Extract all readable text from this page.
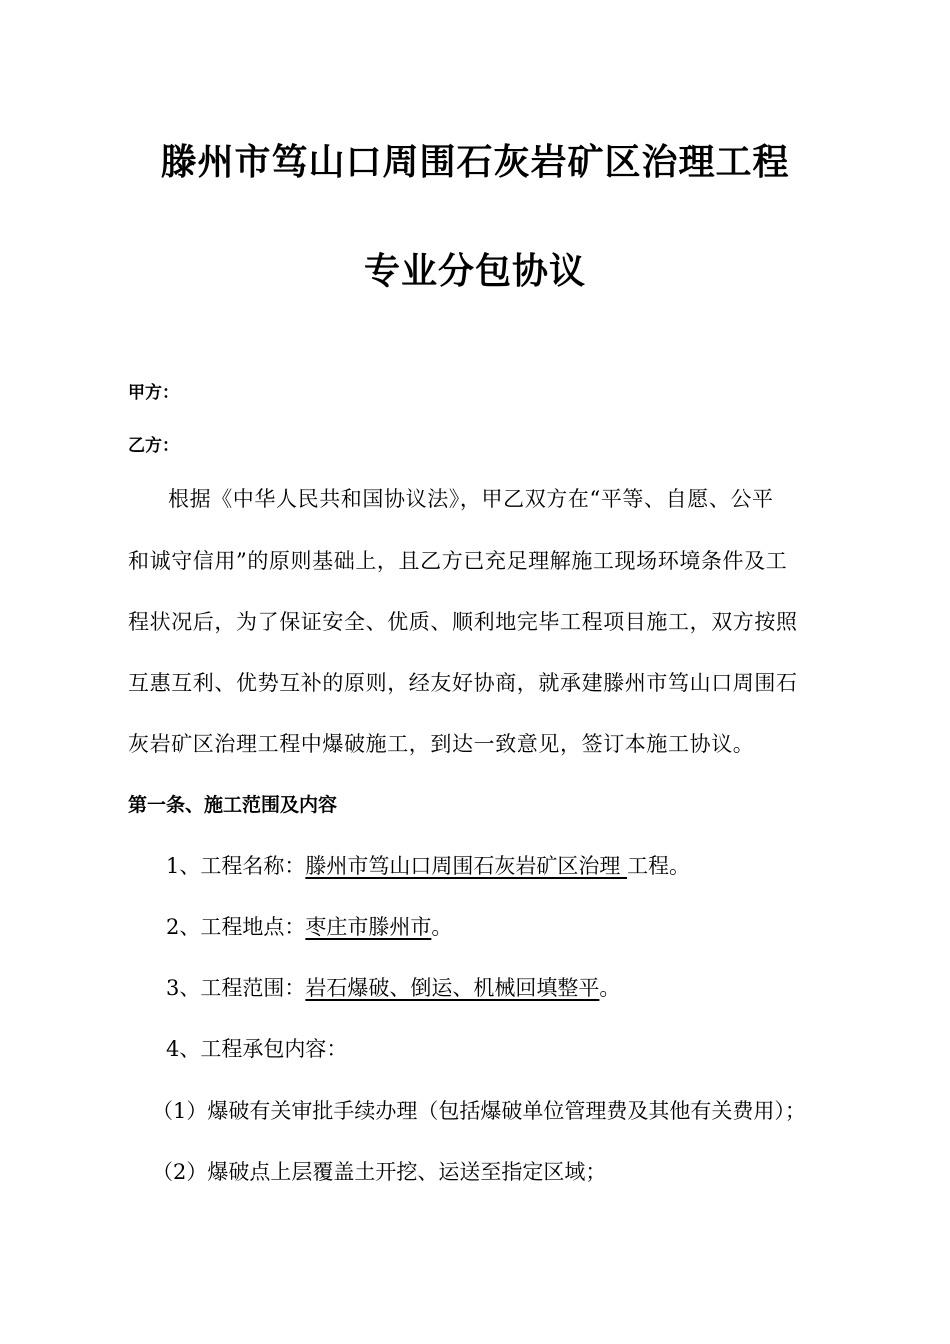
滕州市笃山口周围石灰岩矿区治理工程
专业分包协议
甲方：
乙方：
根据《中华人民共和国协议法》，甲乙双方在“平等、自愿、公平
和诚守信用”的原则基础上，且乙方已充足理解施工现场环境条件及工
程状况后，为了保证安全、优质、顺利地完毕工程项目施工，双方按照
互惠互利、优势互补的原则，经友好协商，就承建滕州市笃山口周围石
灰岩矿区治理工程中爆破施工，到达一致意见，签订本施工协议。
第一条、施工范围及内容
1、工程名称：滕州市笃山口周围石灰岩矿区治理 工程。
2、工程地点：枣庄市滕州市。
3、工程范围：岩石爆破、倒运、机械回填整平。
4、工程承包内容：
（1）爆破有关审批手续办理（包括爆破单位管理费及其他有关费用）；
（2）爆破点上层覆盖土开挖、运送至指定区域；
